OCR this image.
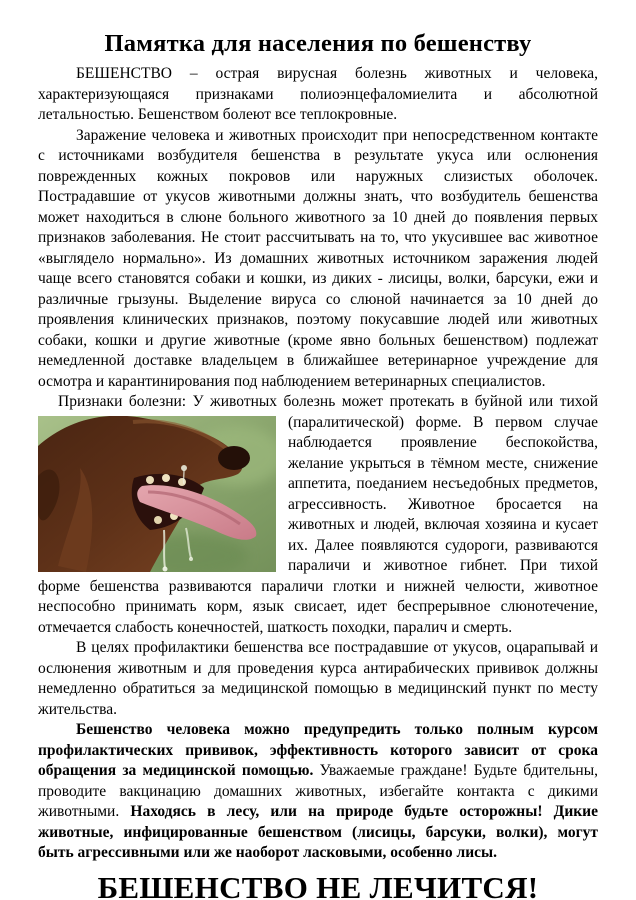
Памятка для населения по бешенству

БЕШЕНСТВО – острая вирусная болезнь животных и человека, характеризующаяся признаками полиоэнцефаломиелита и абсолютной летальностью. Бешенством болеют все теплокровные.

Заражение человека и животных происходит при непосредственном контакте с источниками возбудителя бешенства в результате укуса или ослюнения поврежденных кожных покровов или наружных слизистых оболочек. Пострадавшие от укусов животными должны знать, что возбудитель бешенства может находиться в слюне больного животного за 10 дней до появления первых признаков заболевания. Не стоит рассчитывать на то, что укусившее вас животное «выглядело нормально». Из домашних животных источником заражения людей чаще всего становятся собаки и кошки, из диких - лисицы, волки, барсуки, ежи и различные грызуны. Выделение вируса со слюной начинается за 10 дней до проявления клинических признаков, поэтому покусавшие людей или животных собаки, кошки и другие животные (кроме явно больных бешенством) подлежат немедленной доставке владельцем в ближайшее ветеринарное учреждение для осмотра и карантинирования под наблюдением ветеринарных специалистов.

Признаки болезни: У животных болезнь может протекать в буйной или тихой
(паралитической) форме. В первом случае наблюдается проявление беспокойства, желание укрыться в тёмном месте, снижение аппетита, поеданием несъедобных предметов, агрессивность. Животное бросается на животных и людей, включая хозяина и кусает их. Далее появляются судороги, развиваются параличи и животное гибнет. При тихой форме бешенства развиваются параличи глотки и нижней челюсти, животное неспособно принимать корм, язык свисает, идет беспрерывное слюнотечение, отмечается слабость конечностей, шаткость походки, паралич и смерть.

В целях профилактики бешенства все пострадавшие от укусов, оцарапывай и ослюнения животным и для проведения курса антирабических прививок должны немедленно обратиться за медицинской помощью в медицинский пункт по месту жительства.

Бешенство человека можно предупредить только полным курсом профилактических прививок, эффективность которого зависит от срока обращения за медицинской помощью. Уважаемые граждане! Будьте бдительны, проводите вакцинацию домашних животных, избегайте контакта с дикими животными. Находясь в лесу, или на природе будьте осторожны! Дикие животные, инфицированные бешенством (лисицы, барсуки, волки), могут быть агрессивными или же наоборот ласковыми, особенно лисы.

БЕШЕНСТВО НЕ ЛЕЧИТСЯ!
